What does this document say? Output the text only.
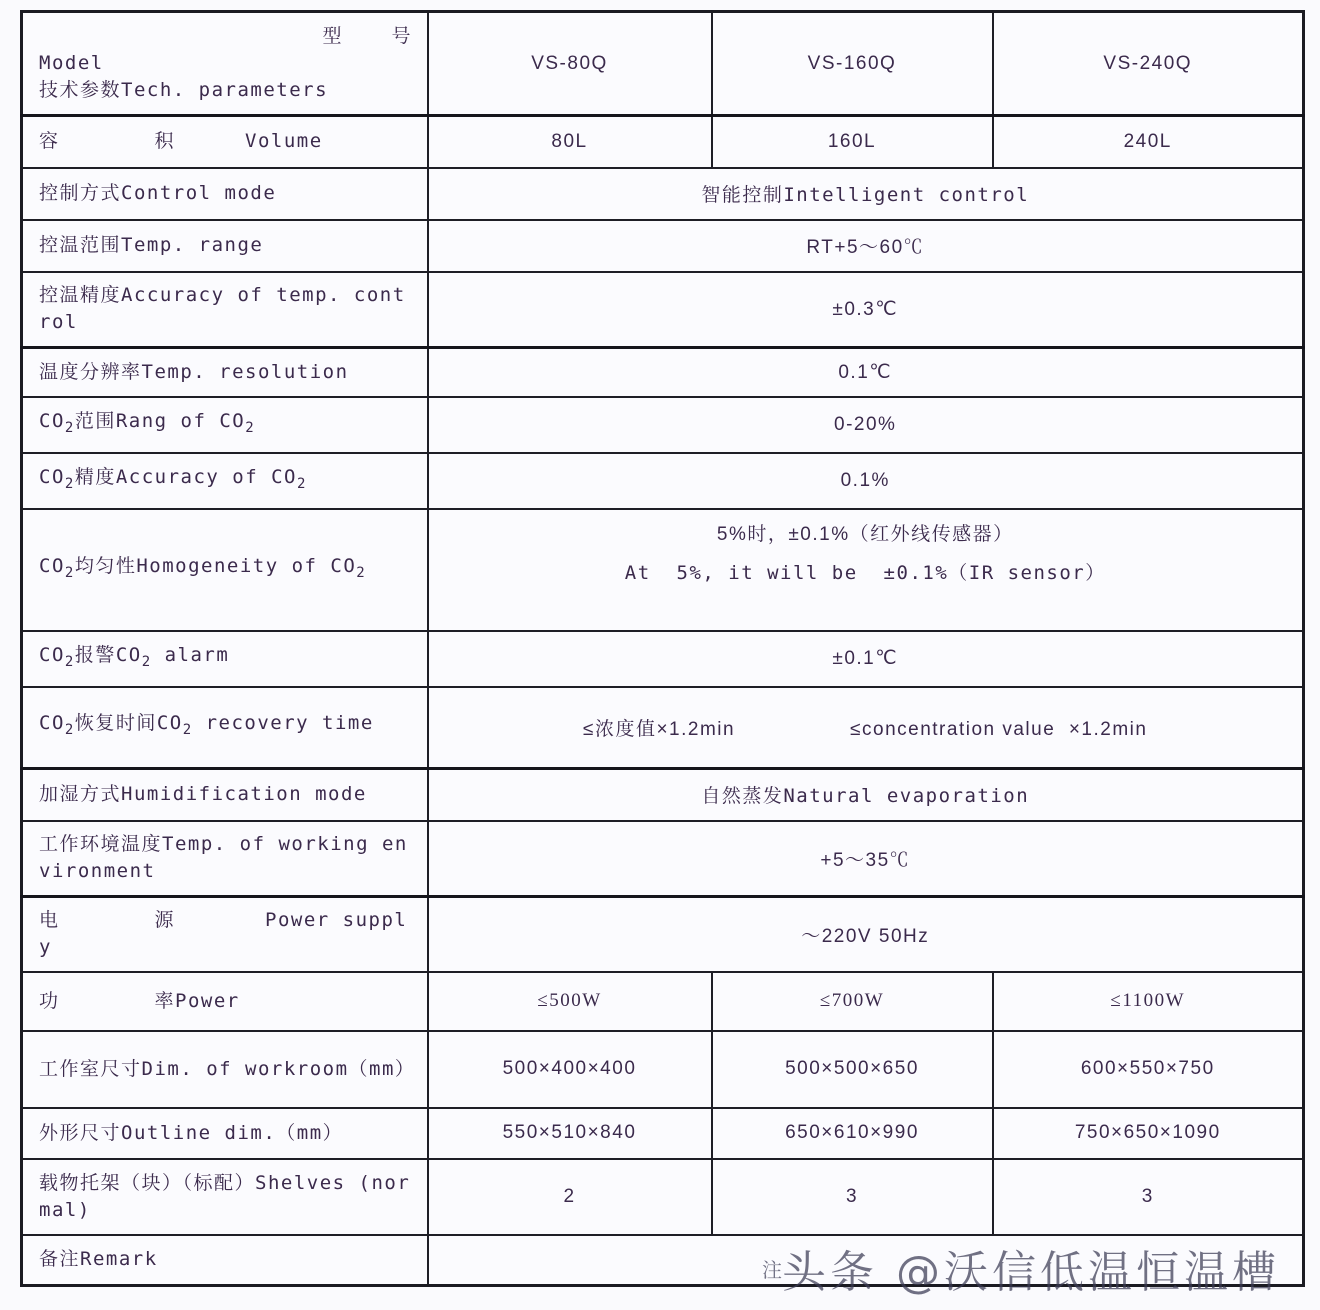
型 号
Model
技术参数Tech. parameters	VS-80Q	VS-160Q	VS-240Q
容 积 Volume	80L	160L	240L
控制方式Control mode	智能控制Intelligent control		
控温范围Temp. range	RT+5～60℃		
控温精度Accuracy of temp. control	±0.3℃		
温度分辨率Temp. resolution	0.1℃		
$CO_2$范围Rang of $CO_2$	0-20%		
$CO_2$精度Accuracy of $CO_2$	0.1%		
$CO_2$均匀性Homogeneity of $CO_2$	5%时，±0.1%（红外线传感器）
At  5%, it will be  ±0.1%（IR sensor）		

$CO_2$报警$CO_2$ alarm	±0.1℃		
$CO_2$恢复时间$CO_2$ recovery time	≤浓度值×1.2min ≤concentration value  ×1.2min		
加湿方式Humidification mode	自然蒸发Natural evaporation		
工作环境温度Temp. of working environment	+5～35℃		
电 源 Power supply	～220V 50Hz		
功 率Power	≤500W	≤700W	≤1100W
工作室尺寸Dim. of workroom（mm）	500×400×400	500×500×650	600×550×750
外形尺寸Outline dim.（mm）	550×510×840	650×610×990	750×650×1090
载物托架（块）（标配）Shelves (normal)	2	3	3
备注Remark				$^注$头条 @沃信低温恒温槽
